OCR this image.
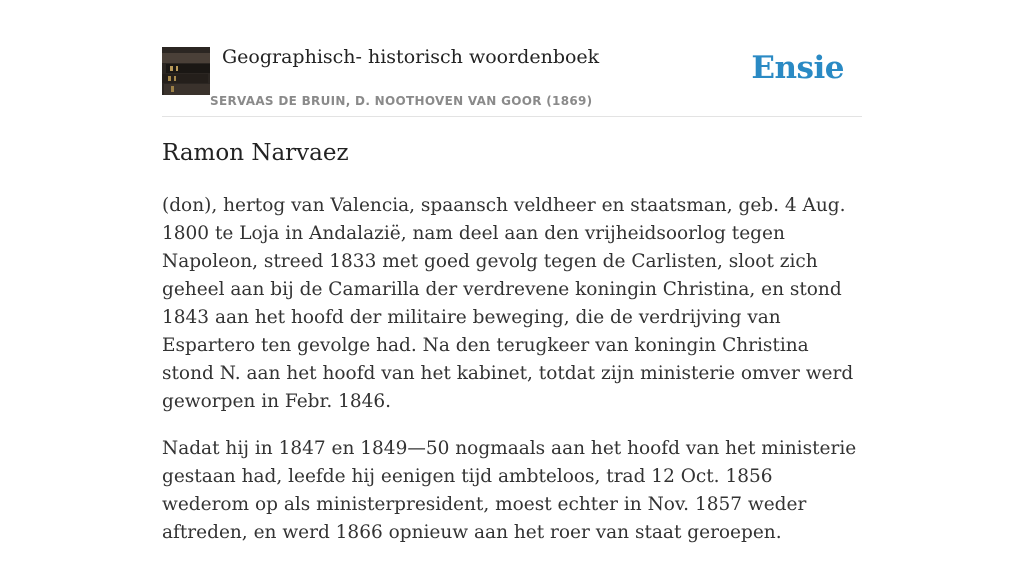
Geographisch- historisch woordenboek
SERVAAS DE BRUIN, D. NOOTHOVEN VAN GOOR (1869)
Ensie
Ramon Narvaez

(don), hertog van Valencia, spaansch veldheer en staatsman, geb. 4 Aug. 1800 te Loja in Andalazië, nam deel aan den vrijheidsoorlog tegen Napoleon, streed 1833 met goed gevolg tegen de Carlisten, sloot zich geheel aan bij de Camarilla der verdrevene koningin Christina, en stond 1843 aan het hoofd der militaire beweging, die de verdrijving van Espartero ten gevolge had. Na den terugkeer van koningin Christina stond N. aan het hoofd van het kabinet, totdat zijn ministerie omver werd geworpen in Febr. 1846.

Nadat hij in 1847 en 1849—50 nogmaals aan het hoofd van het ministerie gestaan had, leefde hij eenigen tijd ambteloos, trad 12 Oct. 1856 wederom op als ministerpresident, moest echter in Nov. 1857 weder aftreden, en werd 1866 opnieuw aan het roer van staat geroepen.
